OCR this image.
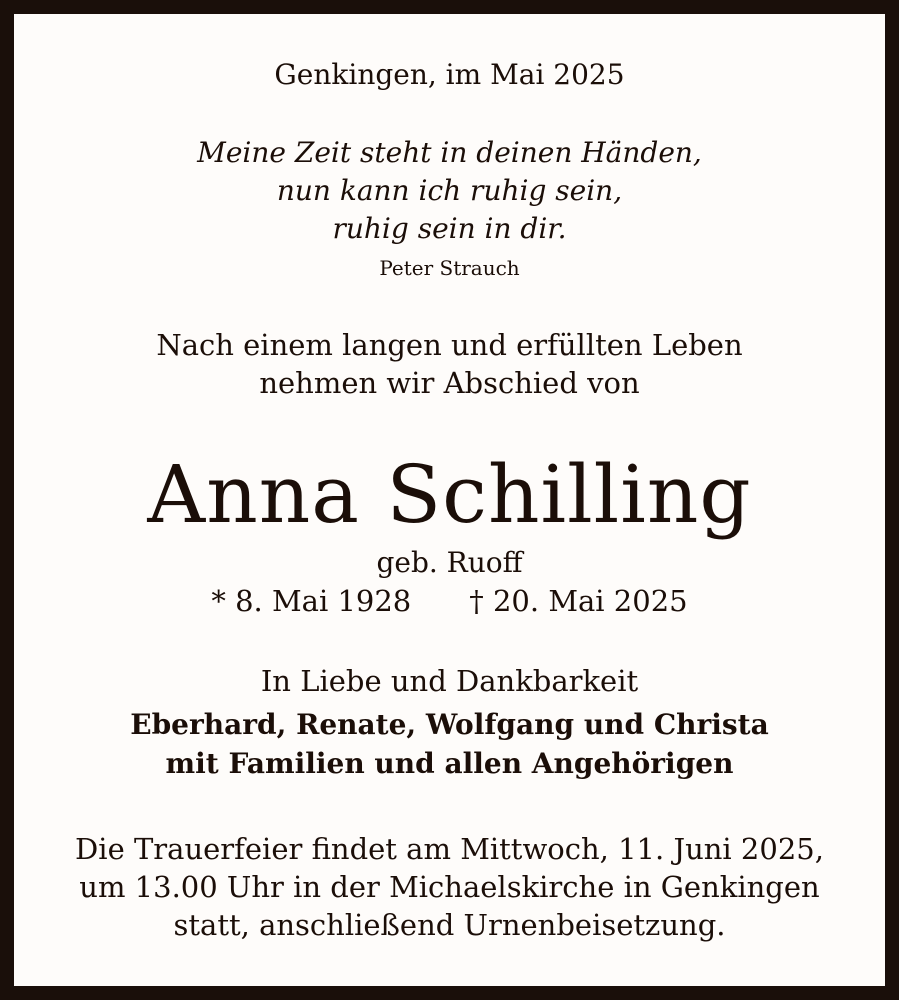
Genkingen, im Mai 2025
Meine Zeit steht in deinen Händen,
nun kann ich ruhig sein,
ruhig sein in dir.
Peter Strauch
Nach einem langen und erfüllten Leben
nehmen wir Abschied von
Anna Schilling
geb. Ruoff
* 8. Mai 1928 † 20. Mai 2025
In Liebe und Dankbarkeit
Eberhard, Renate, Wolfgang und Christa
mit Familien und allen Angehörigen
Die Trauerfeier findet am Mittwoch, 11. Juni 2025,
um 13.00 Uhr in der Michaelskirche in Genkingen
statt, anschließend Urnenbeisetzung.
